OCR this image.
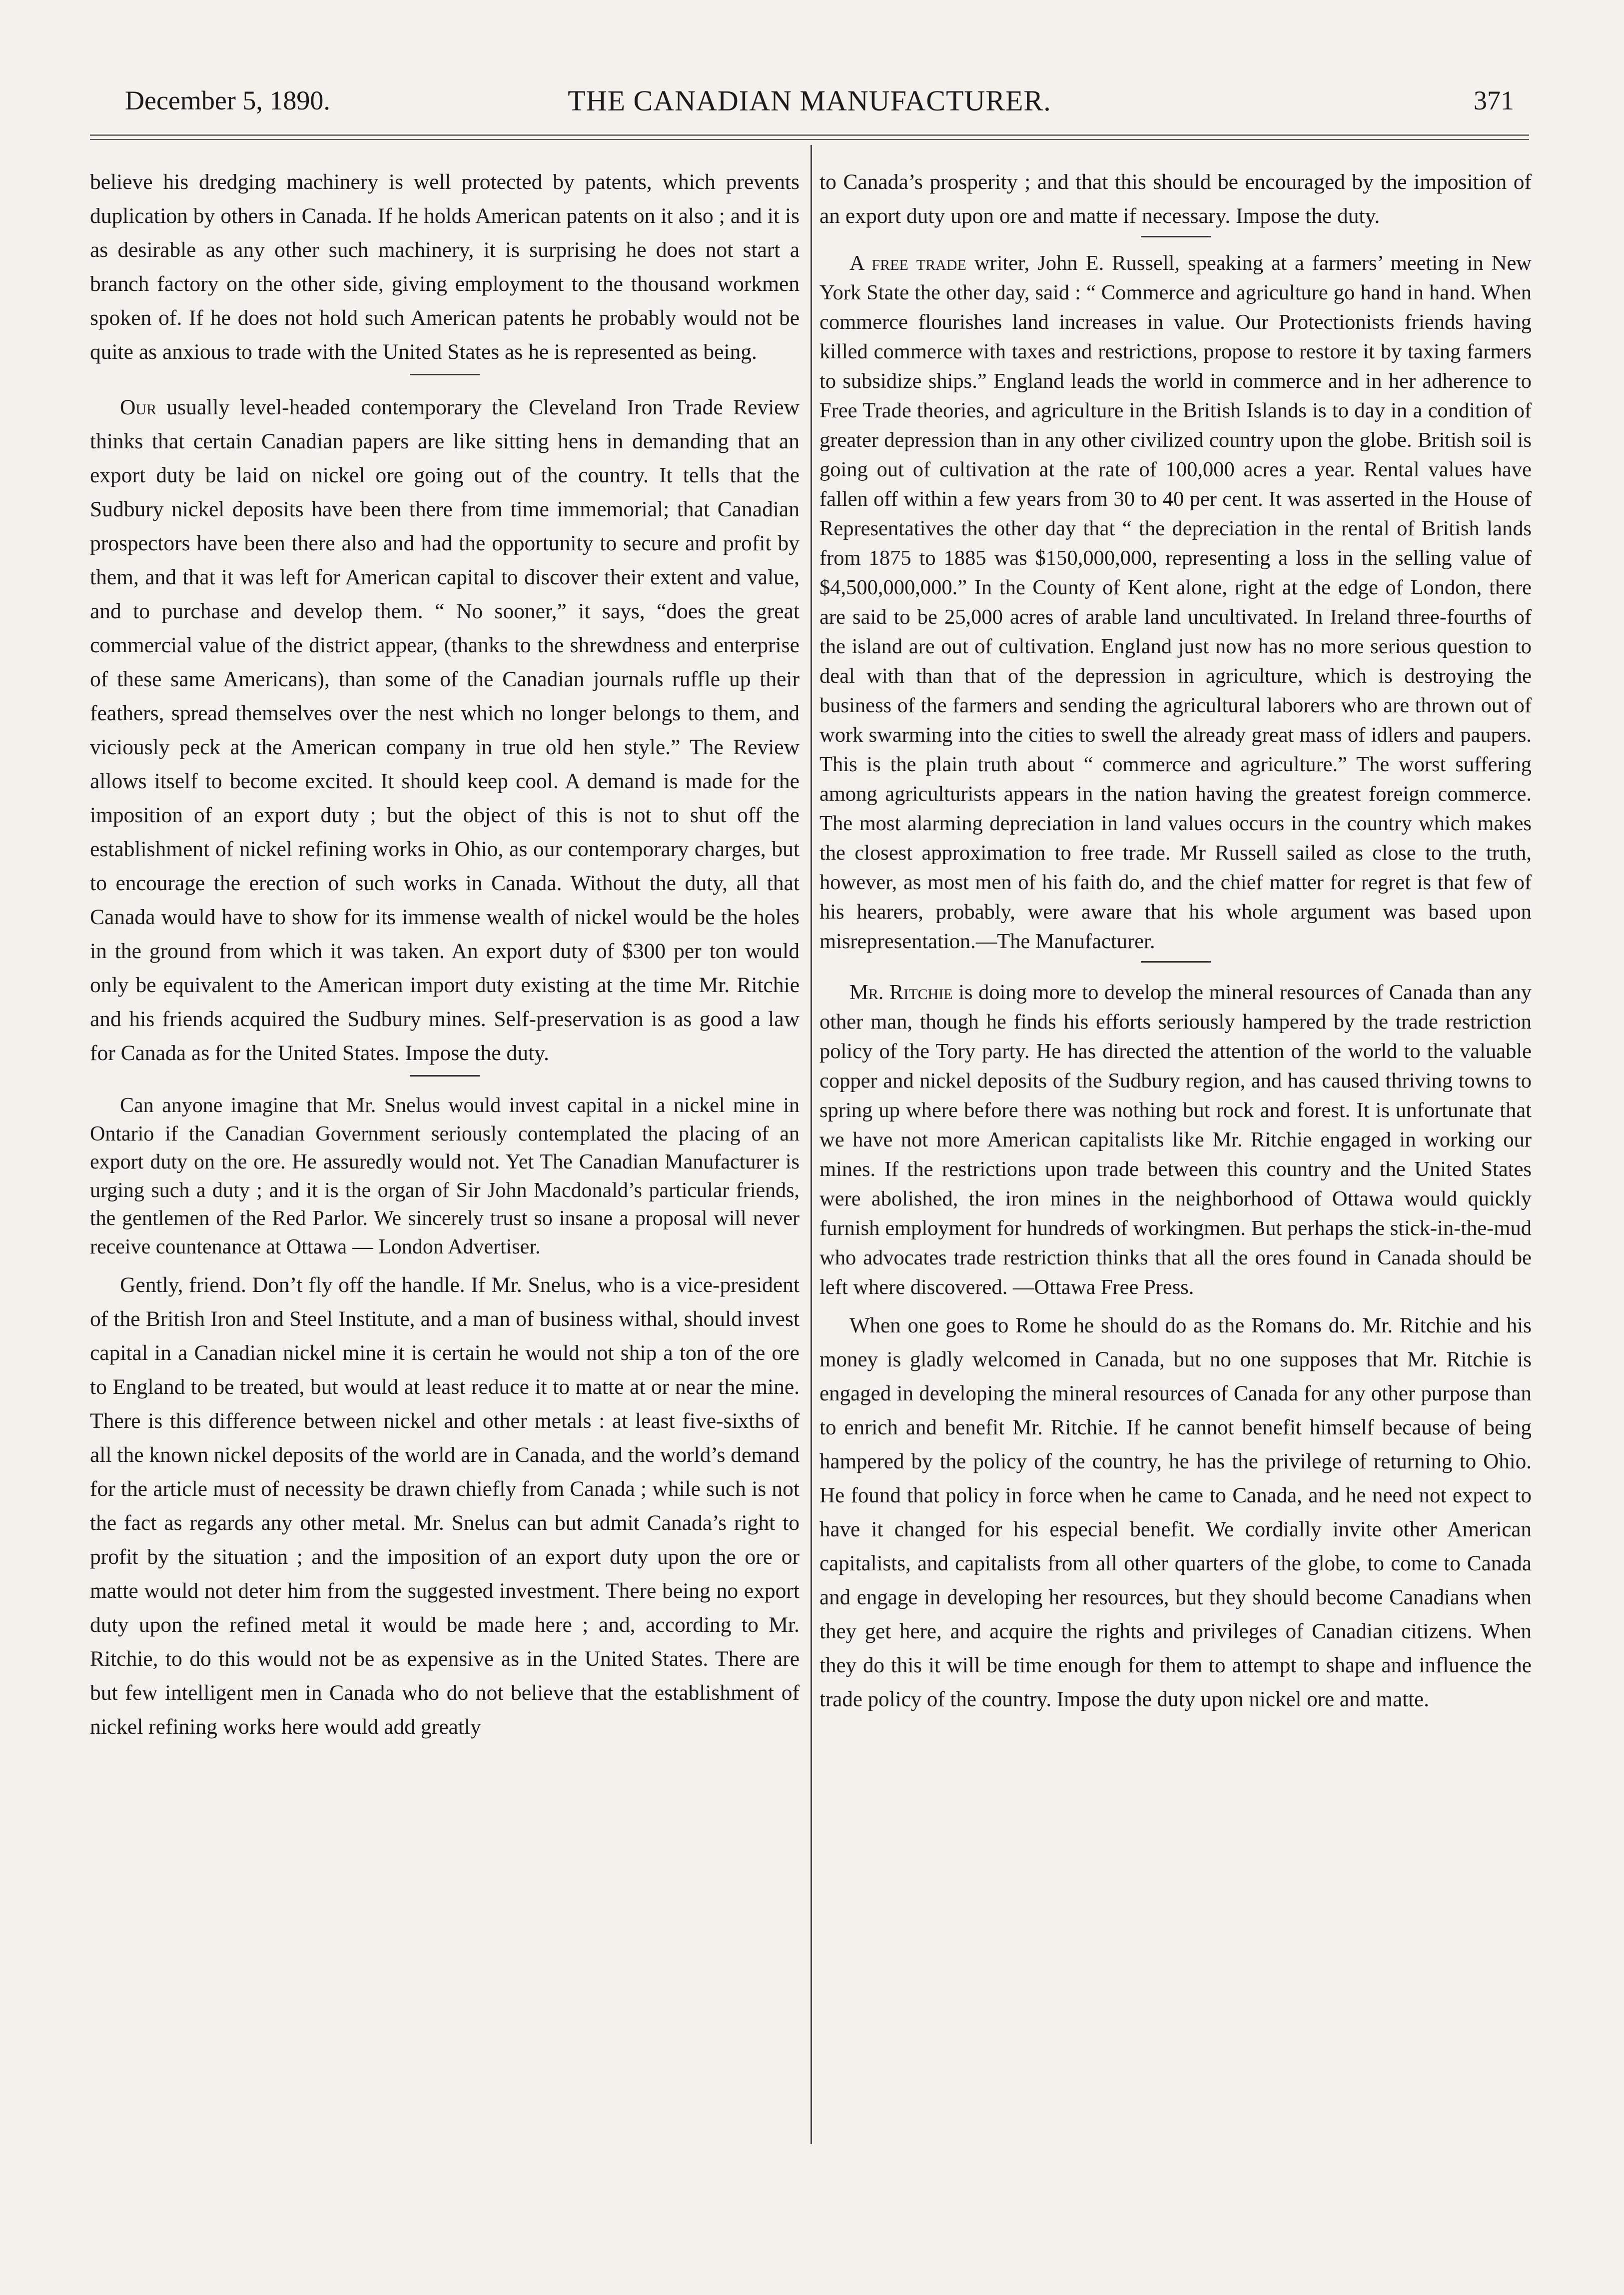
December 5, 1890.	THE CANADIAN MANUFACTURER.	371

believe his dredging machinery is well protected by patents, which prevents duplication by others in Canada. If he holds American patents on it also ; and it is as desirable as any other such machinery, it is surprising he does not start a branch factory on the other side, giving employment to the thousand workmen spoken of. If he does not hold such American patents he probably would not be quite as anxious to trade with the United States as he is represented as being.

Our usually level-headed contemporary the Cleveland Iron Trade Review thinks that certain Canadian papers are like sitting hens in demanding that an export duty be laid on nickel ore going out of the country. It tells that the Sudbury nickel deposits have been there from time immemorial; that Canadian prospectors have been there also and had the opportunity to secure and profit by them, and that it was left for American capital to discover their extent and value, and to purchase and develop them. “ No sooner,” it says, “does the great commercial value of the district appear, (thanks to the shrewdness and enterprise of these same Americans), than some of the Canadian journals ruffle up their feathers, spread themselves over the nest which no longer belongs to them, and viciously peck at the American company in true old hen style.” The Review allows itself to become excited. It should keep cool. A demand is made for the imposition of an export duty ; but the object of this is not to shut off the establishment of nickel refining works in Ohio, as our contemporary charges, but to encourage the erection of such works in Canada. Without the duty, all that Canada would have to show for its immense wealth of nickel would be the holes in the ground from which it was taken. An export duty of $300 per ton would only be equivalent to the American import duty existing at the time Mr. Ritchie and his friends acquired the Sudbury mines. Self-preservation is as good a law for Canada as for the United States. Impose the duty.

Can anyone imagine that Mr. Snelus would invest capital in a nickel mine in Ontario if the Canadian Government seriously contemplated the placing of an export duty on the ore. He assuredly would not. Yet The Canadian Manufacturer is urging such a duty ; and it is the organ of Sir John Macdonald’s particular friends, the gentlemen of the Red Parlor. We sincerely trust so insane a proposal will never receive countenance at Ottawa — London Advertiser.

Gently, friend. Don’t fly off the handle. If Mr. Snelus, who is a vice-president of the British Iron and Steel Institute, and a man of business withal, should invest capital in a Canadian nickel mine it is certain he would not ship a ton of the ore to England to be treated, but would at least reduce it to matte at or near the mine. There is this difference between nickel and other metals : at least five-sixths of all the known nickel deposits of the world are in Canada, and the world’s demand for the article must of necessity be drawn chiefly from Canada ; while such is not the fact as regards any other metal. Mr. Snelus can but admit Canada’s right to profit by the situation ; and the imposition of an export duty upon the ore or matte would not deter him from the suggested investment. There being no export duty upon the refined metal it would be made here ; and, according to Mr. Ritchie, to do this would not be as expensive as in the United States. There are but few intelligent men in Canada who do not believe that the establishment of nickel refining works here would add greatly

to Canada’s prosperity ; and that this should be encouraged by the imposition of an export duty upon ore and matte if necessary. Impose the duty.

A free trade writer, John E. Russell, speaking at a farmers’ meeting in New York State the other day, said : “ Commerce and agriculture go hand in hand. When commerce flourishes land increases in value. Our Protectionists friends having killed commerce with taxes and restrictions, propose to restore it by taxing farmers to subsidize ships.” England leads the world in commerce and in her adherence to Free Trade theories, and agriculture in the British Islands is to day in a condition of greater depression than in any other civilized country upon the globe. British soil is going out of cultivation at the rate of 100,000 acres a year. Rental values have fallen off within a few years from 30 to 40 per cent. It was asserted in the House of Representatives the other day that “ the depreciation in the rental of British lands from 1875 to 1885 was $150,000,000, representing a loss in the selling value of $4,500,000,000.” In the County of Kent alone, right at the edge of London, there are said to be 25,000 acres of arable land uncultivated. In Ireland three-fourths of the island are out of cultivation. England just now has no more serious question to deal with than that of the depression in agriculture, which is destroying the business of the farmers and sending the agricultural laborers who are thrown out of work swarming into the cities to swell the already great mass of idlers and paupers. This is the plain truth about “ commerce and agriculture.” The worst suffering among agriculturists appears in the nation having the greatest foreign commerce. The most alarming depreciation in land values occurs in the country which makes the closest approximation to free trade. Mr Russell sailed as close to the truth, however, as most men of his faith do, and the chief matter for regret is that few of his hearers, probably, were aware that his whole argument was based upon misrepresentation.—The Manufacturer.

Mr. Ritchie is doing more to develop the mineral resources of Canada than any other man, though he finds his efforts seriously hampered by the trade restriction policy of the Tory party. He has directed the attention of the world to the valuable copper and nickel deposits of the Sudbury region, and has caused thriving towns to spring up where before there was nothing but rock and forest. It is unfortunate that we have not more American capitalists like Mr. Ritchie engaged in working our mines. If the restrictions upon trade between this country and the United States were abolished, the iron mines in the neighborhood of Ottawa would quickly furnish employment for hundreds of workingmen. But perhaps the stick-in-the-mud who advocates trade restriction thinks that all the ores found in Canada should be left where discovered. —Ottawa Free Press.

When one goes to Rome he should do as the Romans do. Mr. Ritchie and his money is gladly welcomed in Canada, but no one supposes that Mr. Ritchie is engaged in developing the mineral resources of Canada for any other purpose than to enrich and benefit Mr. Ritchie. If he cannot benefit himself because of being hampered by the policy of the country, he has the privilege of returning to Ohio. He found that policy in force when he came to Canada, and he need not expect to have it changed for his especial benefit. We cordially invite other American capitalists, and capitalists from all other quarters of the globe, to come to Canada and engage in developing her resources, but they should become Canadians when they get here, and acquire the rights and privileges of Canadian citizens. When they do this it will be time enough for them to attempt to shape and influence the trade policy of the country. Impose the duty upon nickel ore and matte.
